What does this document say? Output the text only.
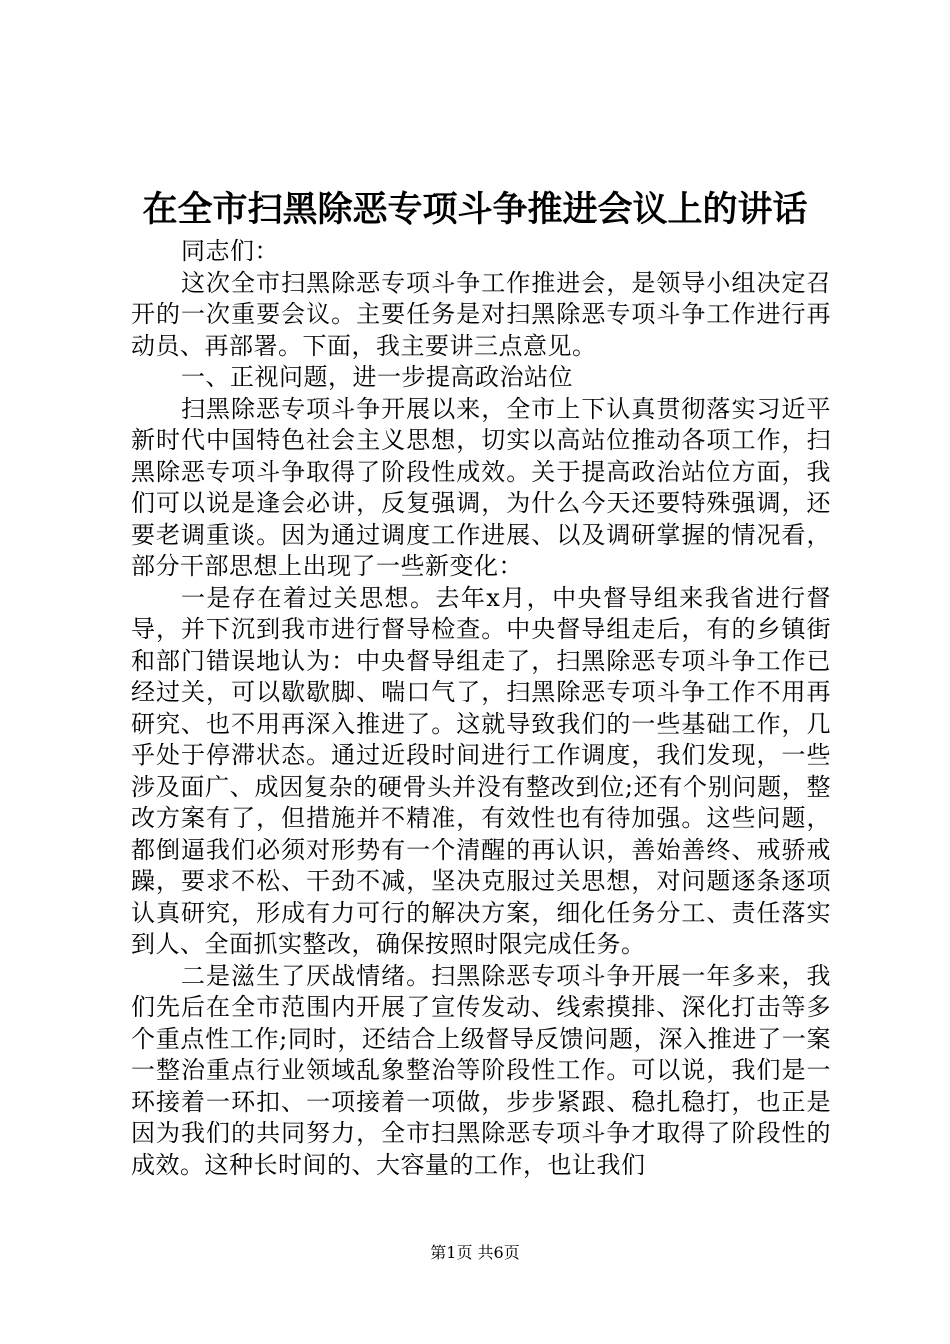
在全市扫黑除恶专项斗争推进会议上的讲话

同志们：

这次全市扫黑除恶专项斗争工作推进会，是领导小组决定召开的一次重要会议。主要任务是对扫黑除恶专项斗争工作进行再动员、再部署。下面，我主要讲三点意见。

一、正视问题，进一步提高政治站位

扫黑除恶专项斗争开展以来，全市上下认真贯彻落实习近平新时代中国特色社会主义思想，切实以高站位推动各项工作，扫黑除恶专项斗争取得了阶段性成效。关于提高政治站位方面，我们可以说是逢会必讲，反复强调，为什么今天还要特殊强调，还要老调重谈。因为通过调度工作进展、以及调研掌握的情况看，部分干部思想上出现了一些新变化：

一是存在着过关思想。去年x月，中央督导组来我省进行督导，并下沉到我市进行督导检查。中央督导组走后，有的乡镇街和部门错误地认为：中央督导组走了，扫黑除恶专项斗争工作已经过关，可以歇歇脚、喘口气了，扫黑除恶专项斗争工作不用再研究、也不用再深入推进了。这就导致我们的一些基础工作，几乎处于停滞状态。通过近段时间进行工作调度，我们发现，一些涉及面广、成因复杂的硬骨头并没有整改到位;还有个别问题，整改方案有了，但措施并不精准，有效性也有待加强。这些问题，都倒逼我们必须对形势有一个清醒的再认识，善始善终、戒骄戒躁，要求不松、干劲不减，坚决克服过关思想，对问题逐条逐项认真研究，形成有力可行的解决方案，细化任务分工、责任落实到人、全面抓实整改，确保按照时限完成任务。

二是滋生了厌战情绪。扫黑除恶专项斗争开展一年多来，我们先后在全市范围内开展了宣传发动、线索摸排、深化打击等多个重点性工作;同时，还结合上级督导反馈问题，深入推进了一案一整治重点行业领域乱象整治等阶段性工作。可以说，我们是一环接着一环扣、一项接着一项做，步步紧跟、稳扎稳打，也正是因为我们的共同努力，全市扫黑除恶专项斗争才取得了阶段性的成效。这种长时间的、大容量的工作，也让我们

第1页 共6页
